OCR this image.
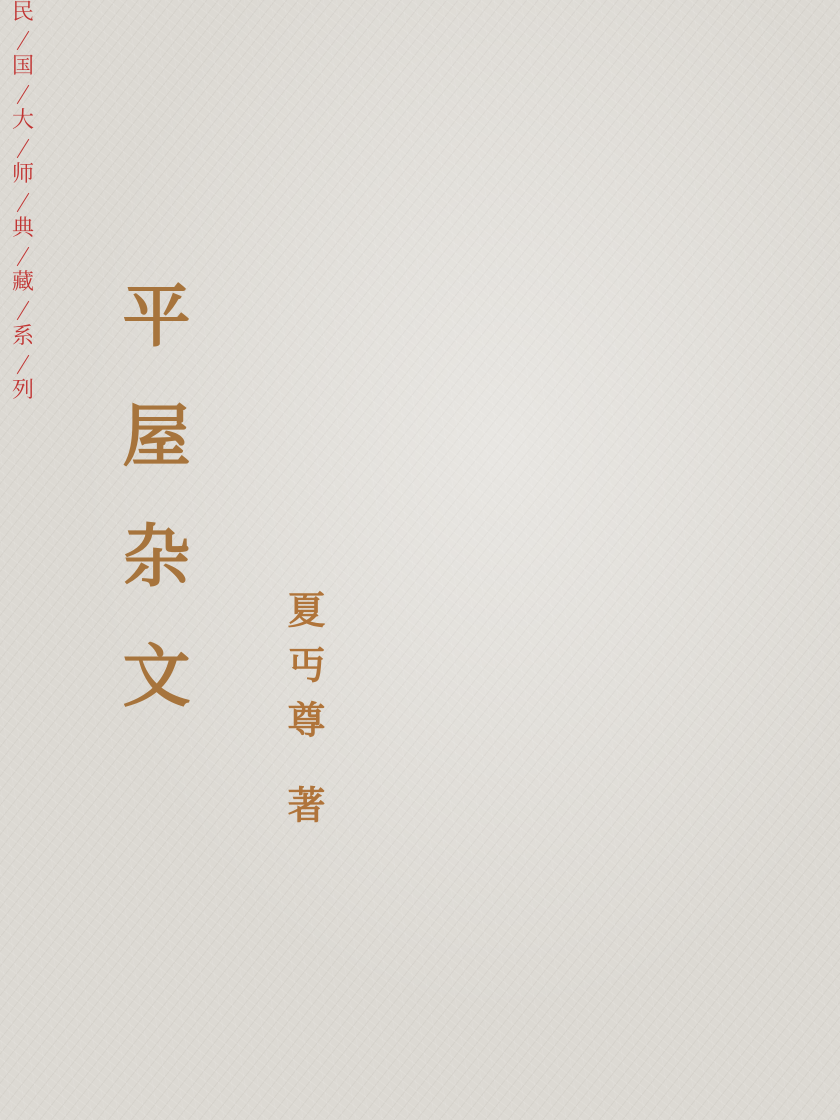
平屋杂文 夏丏尊 著
民
国
大
师
典
藏
系
列
